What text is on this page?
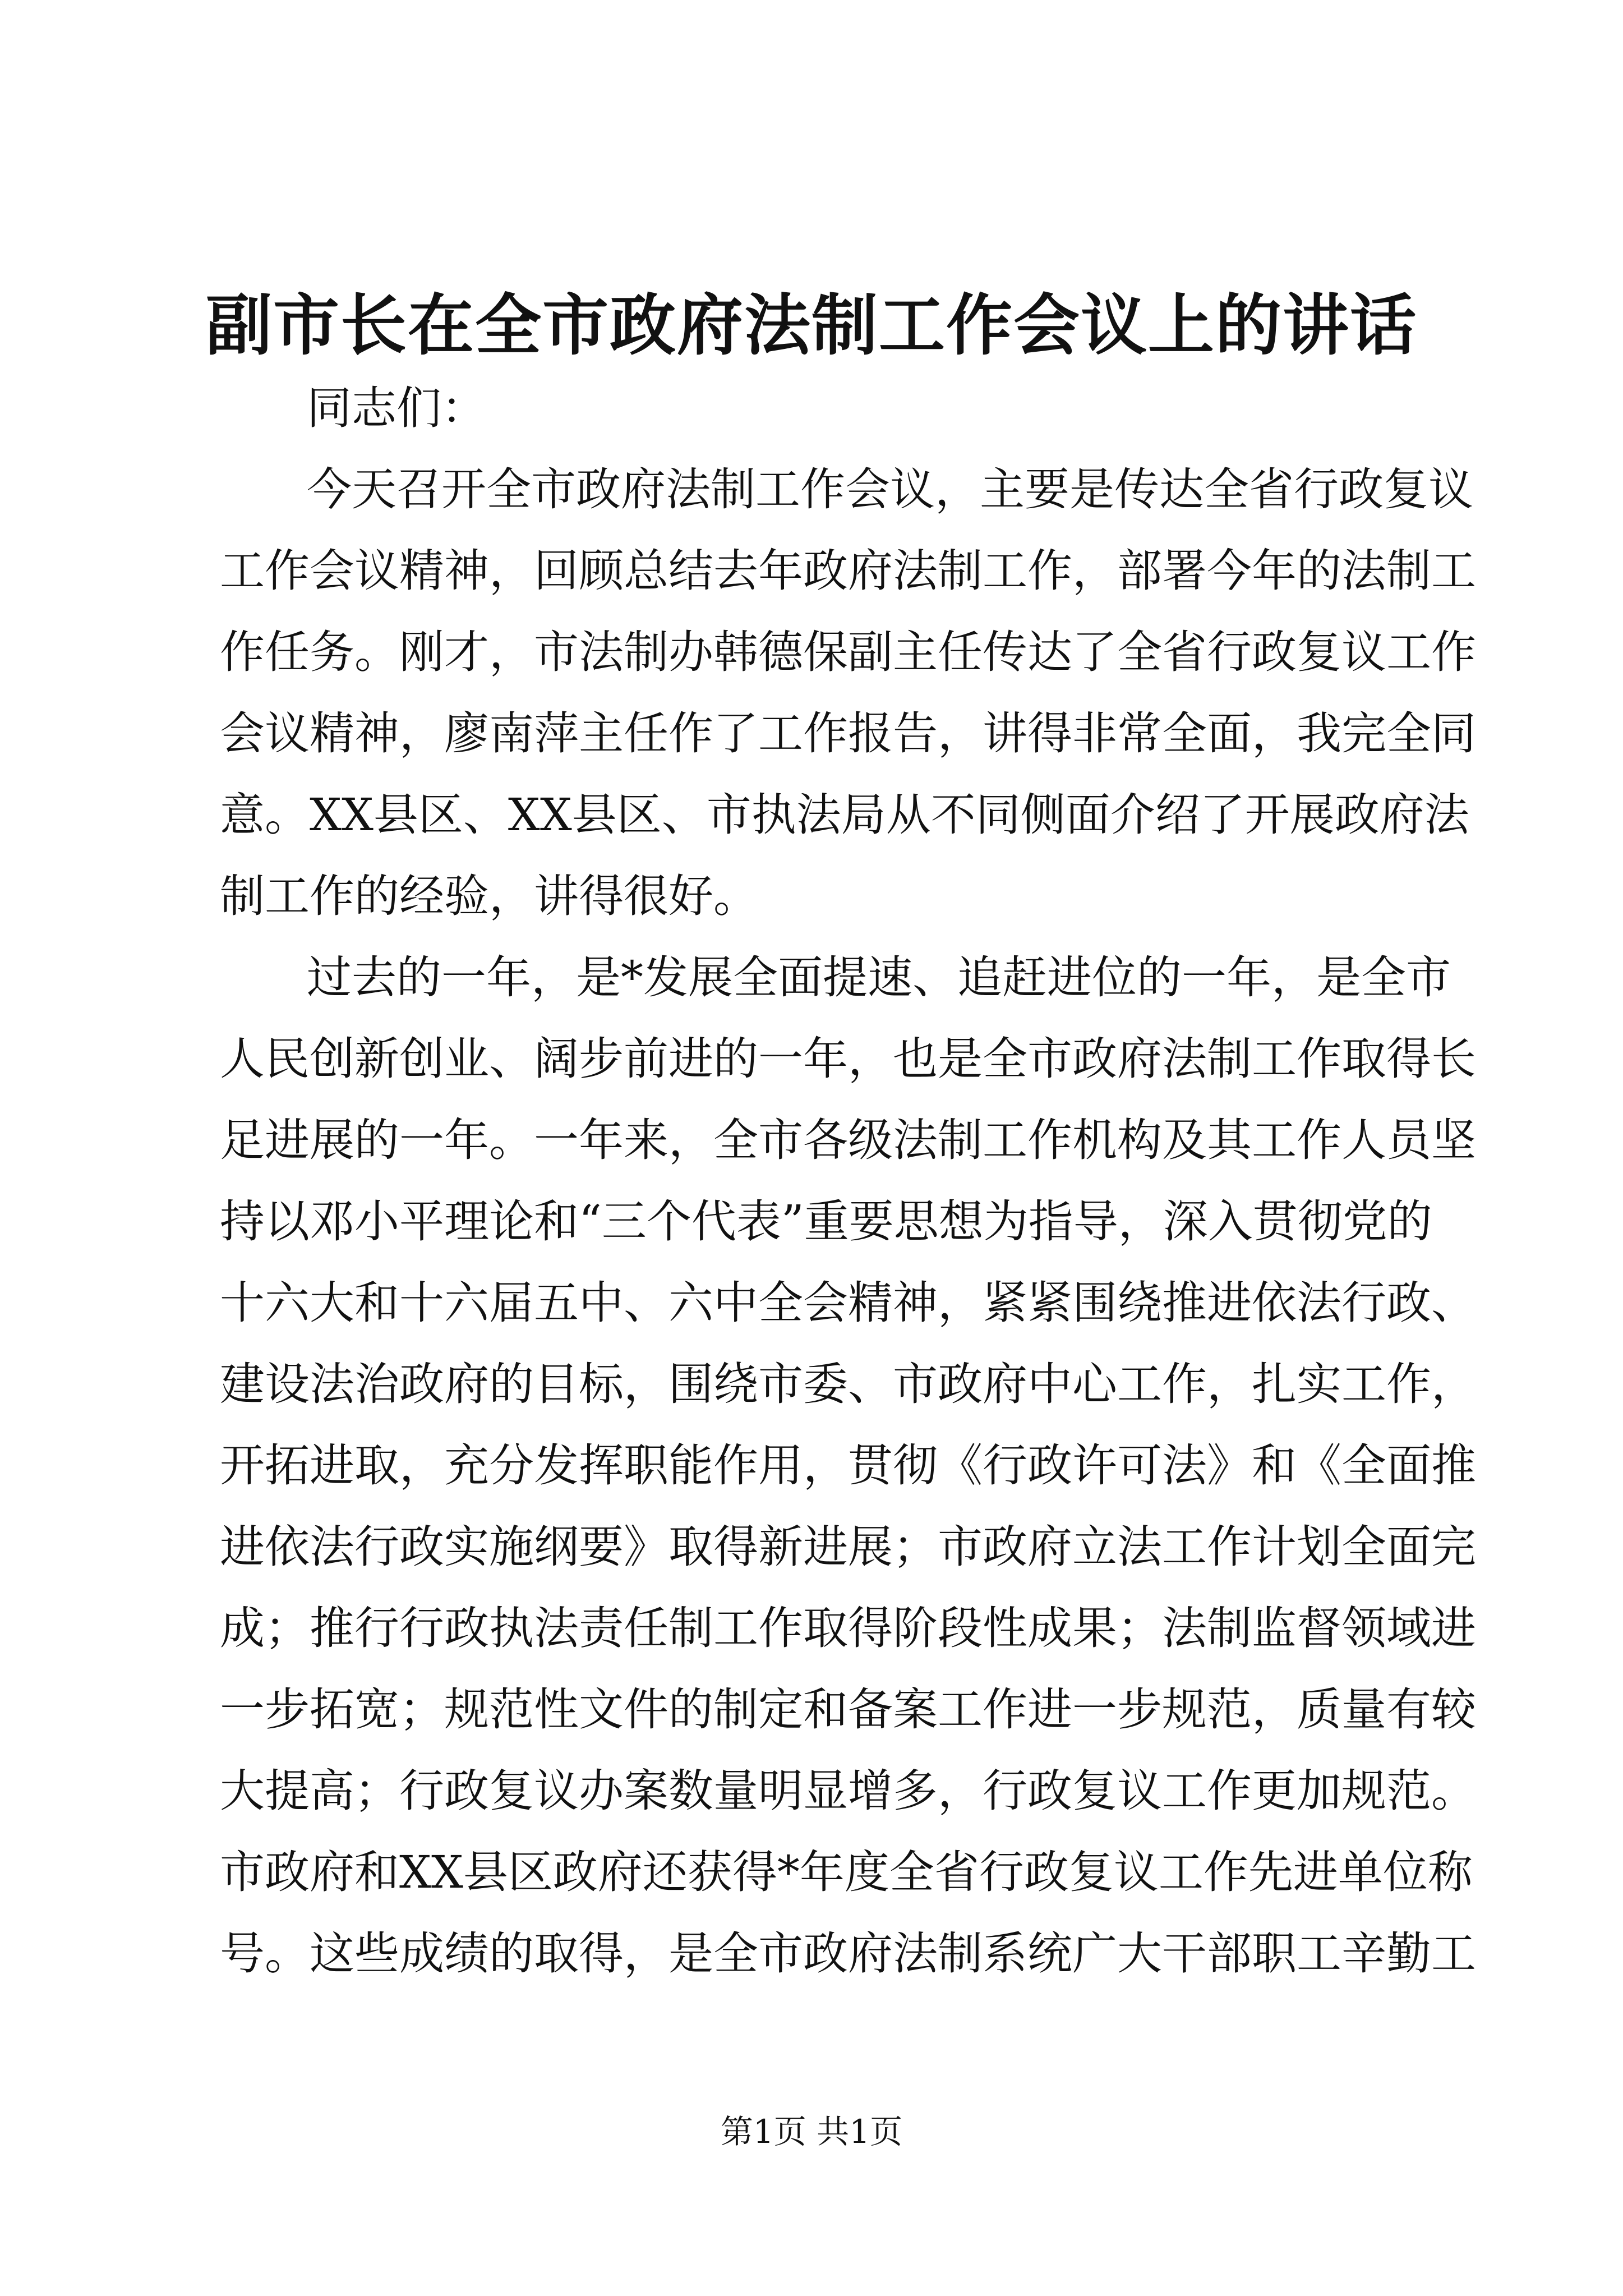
副市长在全市政府法制工作会议上的讲话
同志们：
今天召开全市政府法制工作会议，主要是传达全省行政复议
工作会议精神，回顾总结去年政府法制工作，部署今年的法制工
作任务。刚才，市法制办韩德保副主任传达了全省行政复议工作
会议精神，廖南萍主任作了工作报告，讲得非常全面，我完全同
意。XX县区、XX县区、市执法局从不同侧面介绍了开展政府法
制工作的经验，讲得很好。
过去的一年，是*发展全面提速、追赶进位的一年，是全市
人民创新创业、阔步前进的一年，也是全市政府法制工作取得长
足进展的一年。一年来，全市各级法制工作机构及其工作人员坚
持以邓小平理论和“三个代表”重要思想为指导，深入贯彻党的
十六大和十六届五中、六中全会精神，紧紧围绕推进依法行政、
建设法治政府的目标，围绕市委、市政府中心工作，扎实工作，
开拓进取，充分发挥职能作用，贯彻《行政许可法》和《全面推
进依法行政实施纲要》取得新进展；市政府立法工作计划全面完
成；推行行政执法责任制工作取得阶段性成果；法制监督领域进
一步拓宽；规范性文件的制定和备案工作进一步规范，质量有较
大提高；行政复议办案数量明显增多，行政复议工作更加规范。
市政府和XX县区政府还获得*年度全省行政复议工作先进单位称
号。这些成绩的取得，是全市政府法制系统广大干部职工辛勤工
第1页 共1页
